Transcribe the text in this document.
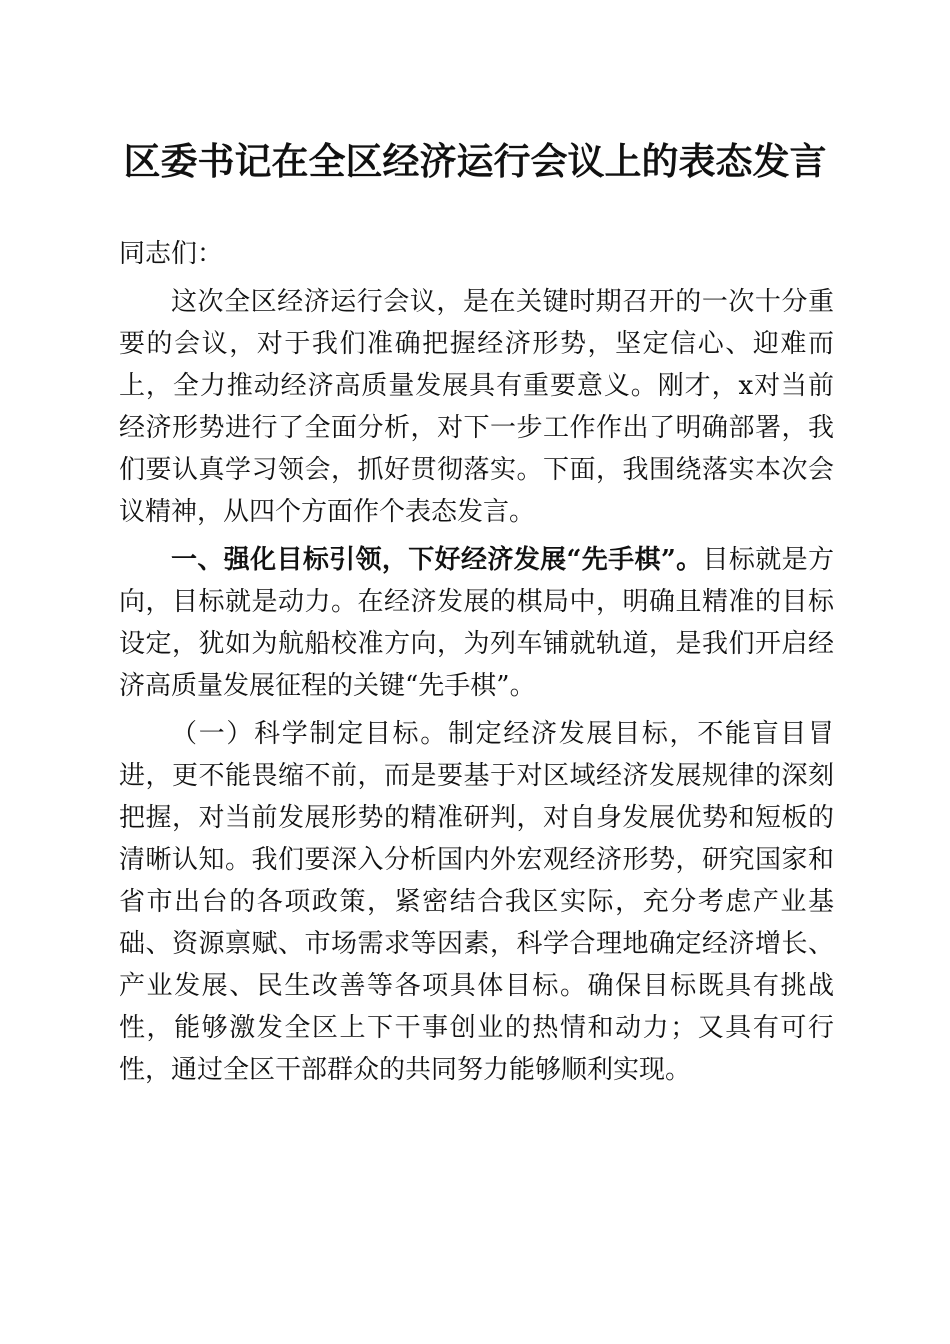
区委书记在全区经济运行会议上的表态发言

同志们：

这次全区经济运行会议，是在关键时期召开的一次十分重要的会议，对于我们准确把握经济形势，坚定信心、迎难而上，全力推动经济高质量发展具有重要意义。刚才，x对当前经济形势进行了全面分析，对下一步工作作出了明确部署，我们要认真学习领会，抓好贯彻落实。下面，我围绕落实本次会议精神，从四个方面作个表态发言。

一、强化目标引领，下好经济发展“先手棋”。目标就是方向，目标就是动力。在经济发展的棋局中，明确且精准的目标设定，犹如为航船校准方向，为列车铺就轨道，是我们开启经济高质量发展征程的关键“先手棋”。

（一）科学制定目标。制定经济发展目标，不能盲目冒进，更不能畏缩不前，而是要基于对区域经济发展规律的深刻把握，对当前发展形势的精准研判，对自身发展优势和短板的清晰认知。我们要深入分析国内外宏观经济形势，研究国家和省市出台的各项政策，紧密结合我区实际，充分考虑产业基础、资源禀赋、市场需求等因素，科学合理地确定经济增长、产业发展、民生改善等各项具体目标。确保目标既具有挑战性，能够激发全区上下干事创业的热情和动力；又具有可行性，通过全区干部群众的共同努力能够顺利实现。
